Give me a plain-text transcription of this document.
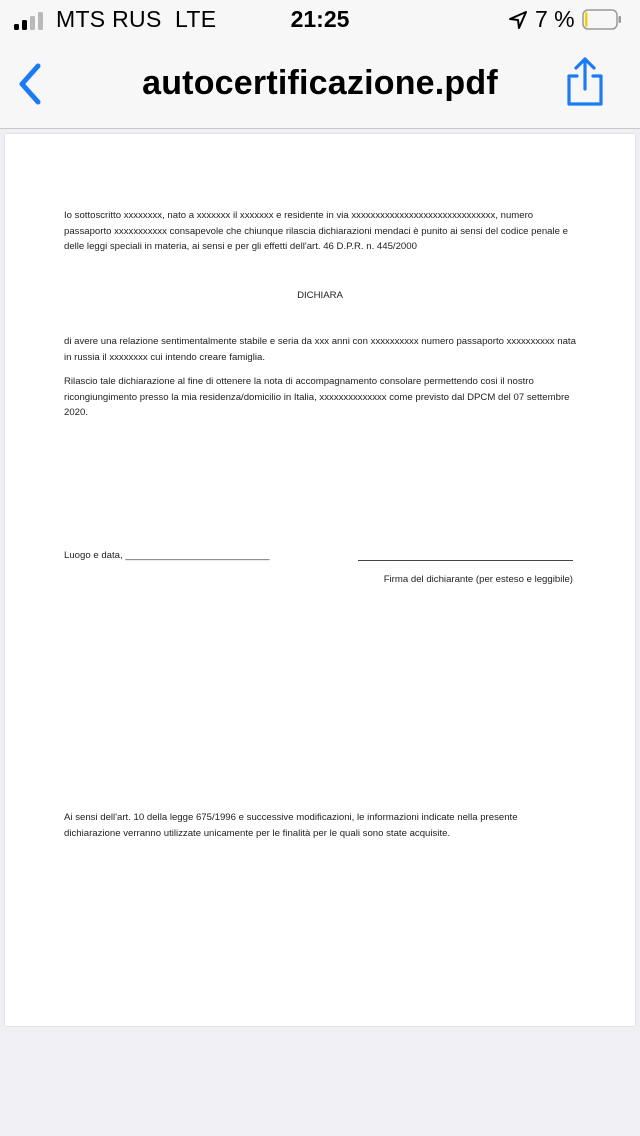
MTS RUS LTE	21:25	7 %
autocertificazione.pdf
Io sottoscritto xxxxxxxx, nato a xxxxxxx il xxxxxxx e residente in via xxxxxxxxxxxxxxxxxxxxxxxxxxxxxx, numero passaporto xxxxxxxxxxx consapevole che chiunque rilascia dichiarazioni mendaci è punito ai sensi del codice penale e delle leggi speciali in materia, ai sensi e per gli effetti dell'art. 46 D.P.R. n. 445/2000
DICHIARA
di avere una relazione sentimentalmente stabile e seria da xxx anni con xxxxxxxxxx numero passaporto xxxxxxxxxx nata in russia il xxxxxxxx cui intendo creare famiglia.
Rilascio tale dichiarazione al fine di ottenere la nota di accompagnamento consolare permettendo cosi il nostro ricongiungimento presso la mia residenza/domicilio in Italia, xxxxxxxxxxxxxx come previsto dal DPCM del 07 settembre 2020.
Luogo e data, ___________________________
Firma del dichiarante (per esteso e leggibile)
Ai sensi dell'art. 10 della legge 675/1996 e successive modificazioni, le informazioni indicate nella presente dichiarazione verranno utilizzate unicamente per le finalità per le quali sono state acquisite.
